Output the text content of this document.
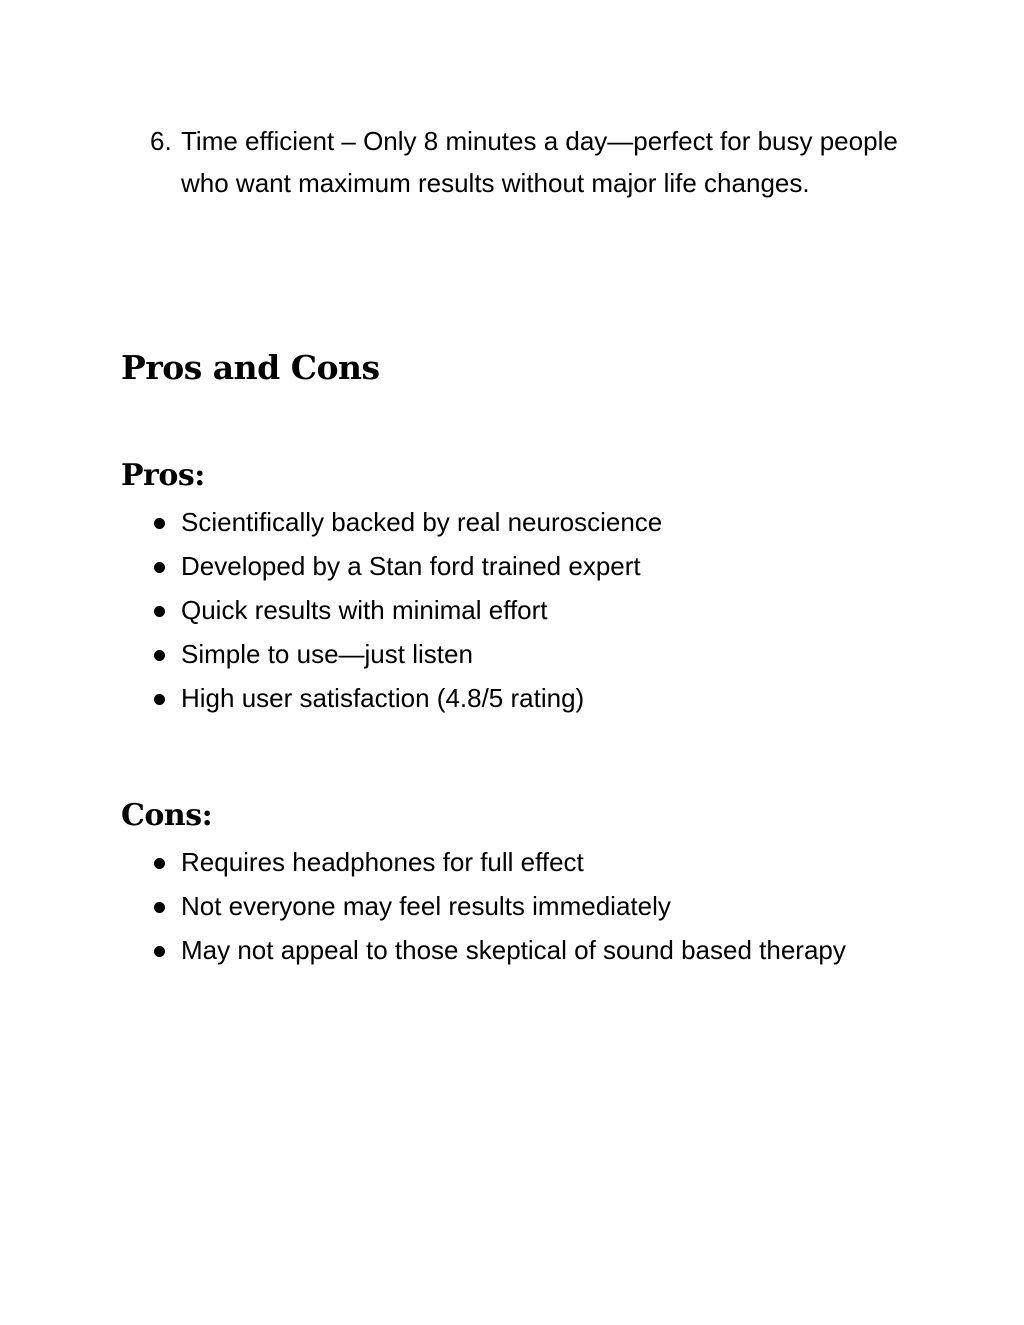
6. Time efficient – Only 8 minutes a day—perfect for busy people who want maximum results without major life changes.
Pros and Cons
Pros:
Scientifically backed by real neuroscience
Developed by a Stan ford trained expert
Quick results with minimal effort
Simple to use—just listen
High user satisfaction (4.8/5 rating)
Cons:
Requires headphones for full effect
Not everyone may feel results immediately
May not appeal to those skeptical of sound based therapy
